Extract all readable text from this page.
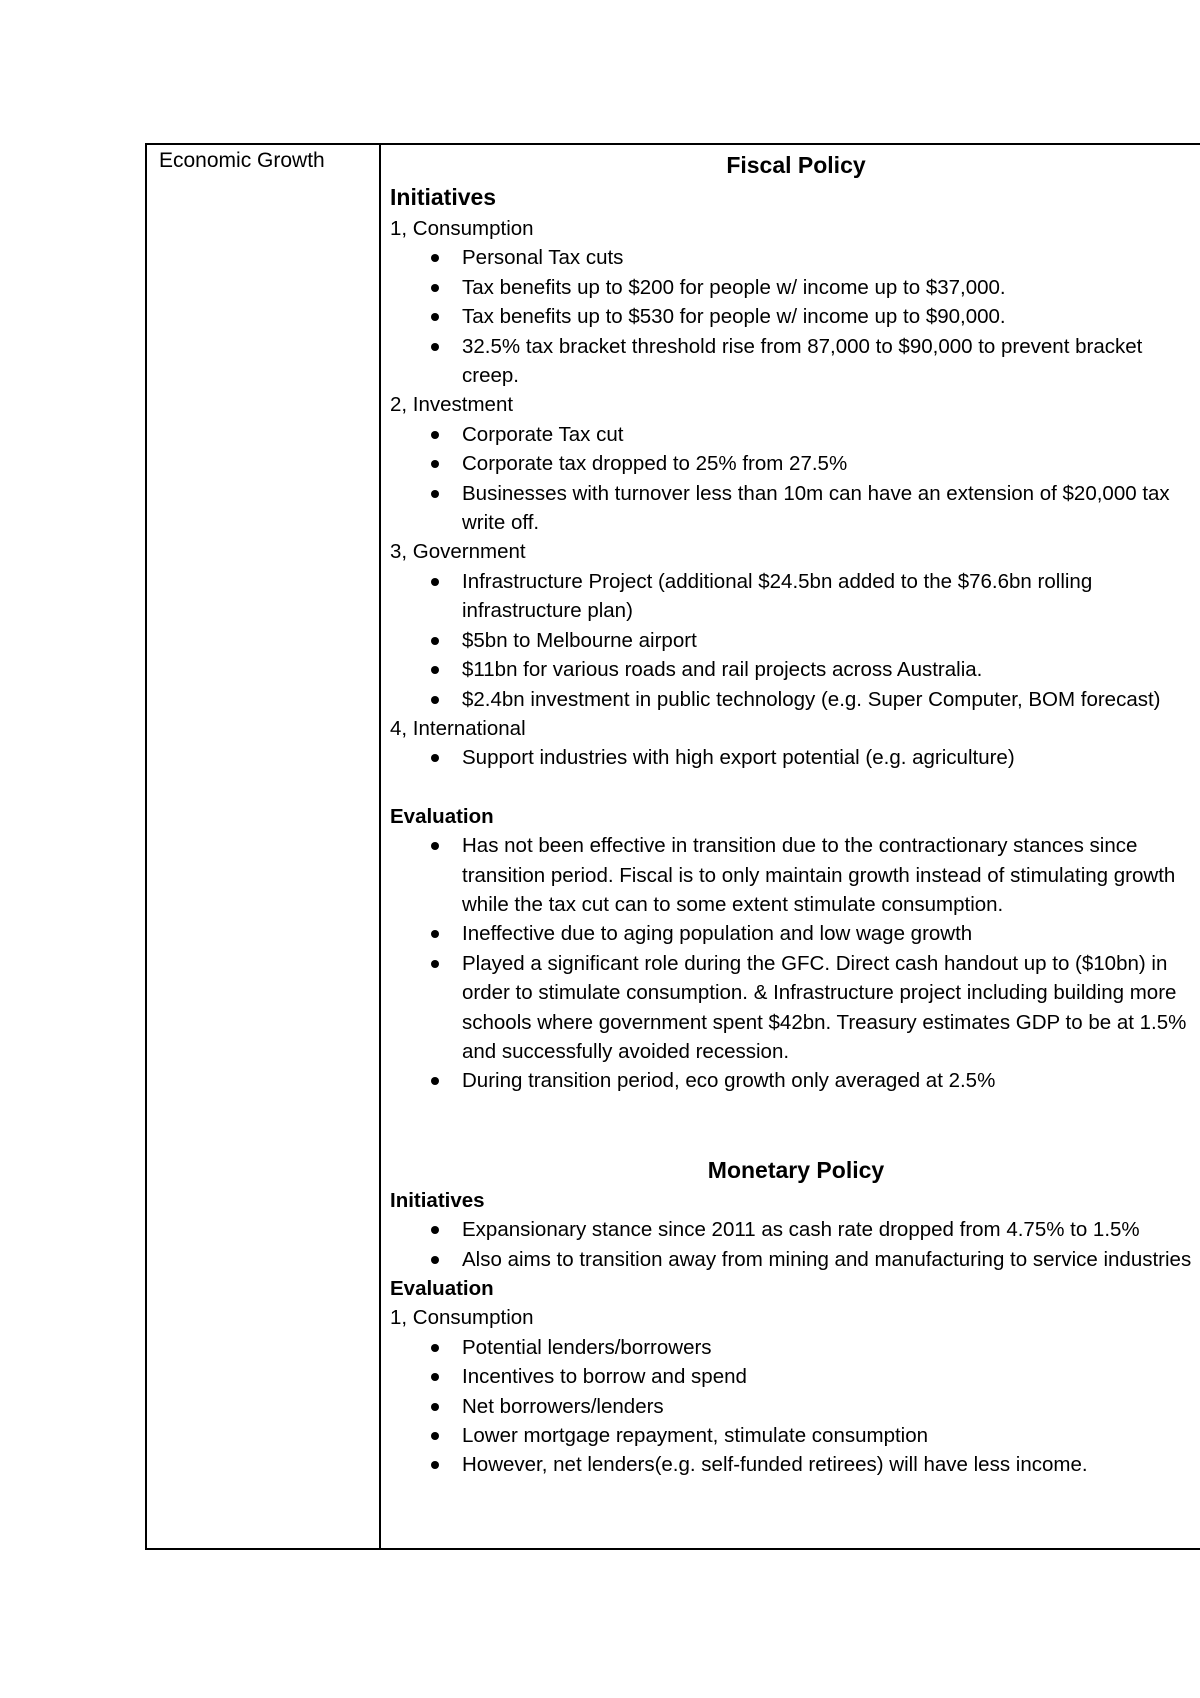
Economic Growth	Fiscal Policy

Initiatives

1, Consumption

Personal Tax cuts
Tax benefits up to $200 for people w/ income up to $37,000.
Tax benefits up to $530 for people w/ income up to $90,000.
32.5% tax bracket threshold rise from 87,000 to $90,000 to prevent bracket creep.

2, Investment

Corporate Tax cut
Corporate tax dropped to 25% from 27.5%
Businesses with turnover less than 10m can have an extension of $20,000 tax write off.

3, Government

Infrastructure Project (additional $24.5bn added to the $76.6bn rolling infrastructure plan)
$5bn to Melbourne airport
$11bn for various roads and rail projects across Australia.
$2.4bn investment in public technology (e.g. Super Computer, BOM forecast)

4, International

Support industries with high export potential (e.g. agriculture)

Evaluation

Has not been effective in transition due to the contractionary stances since transition period. Fiscal is to only maintain growth instead of stimulating growth while the tax cut can to some extent stimulate consumption.
Ineffective due to aging population and low wage growth
Played a significant role during the GFC. Direct cash handout up to ($10bn) in order to stimulate consumption. & Infrastructure project including building more schools where government spent $42bn. Treasury estimates GDP to be at 1.5% and successfully avoided recession.
During transition period, eco growth only averaged at 2.5%
Monetary Policy

Initiatives

Expansionary stance since 2011 as cash rate dropped from 4.75% to 1.5%
Also aims to transition away from mining and manufacturing to service industries

Evaluation

1, Consumption

Potential lenders/borrowers
Incentives to borrow and spend
Net borrowers/lenders
Lower mortgage repayment, stimulate consumption
However, net lenders(e.g. self-funded retirees) will have less income.
